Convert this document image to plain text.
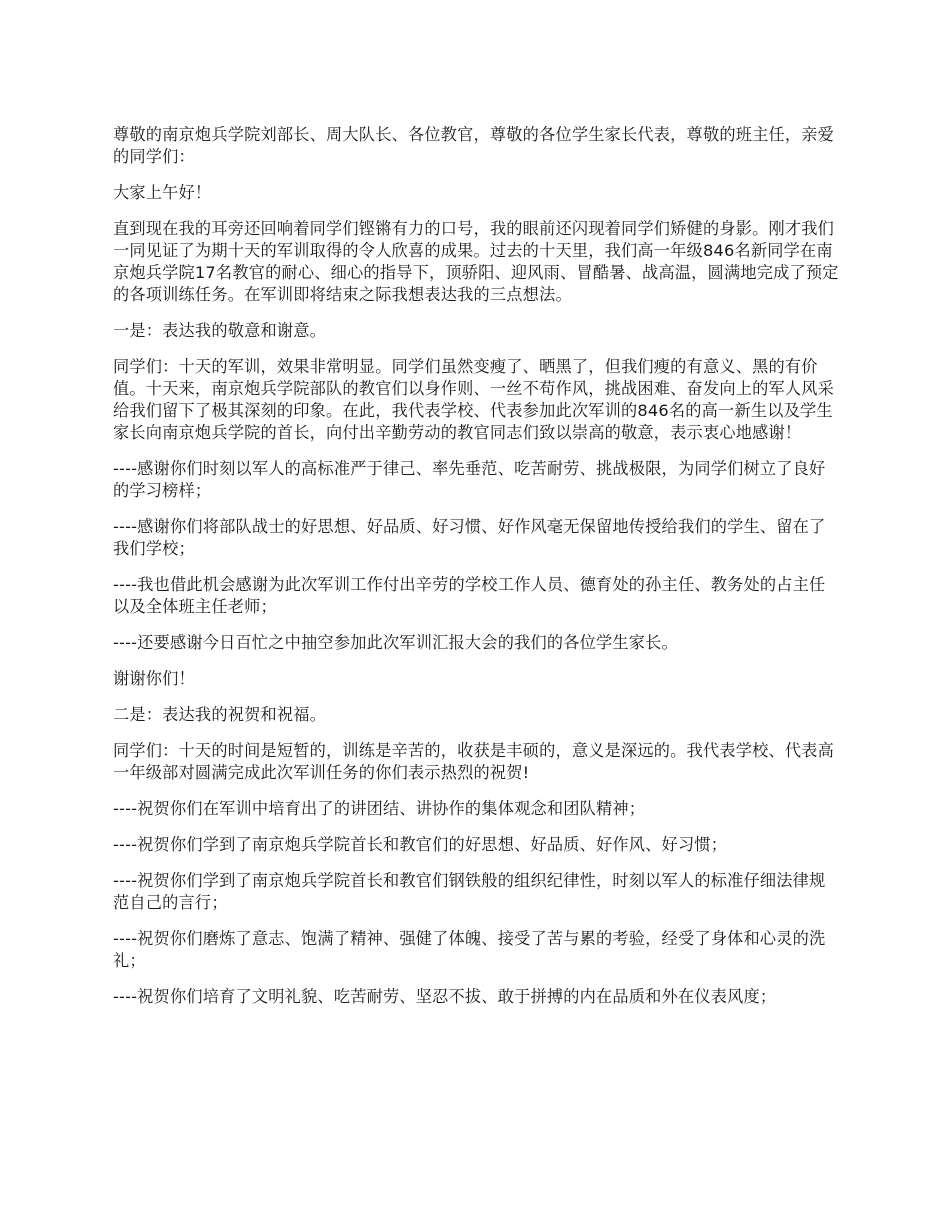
尊敬的南京炮兵学院刘部长、周大队长、各位教官，尊敬的各位学生家长代表，尊敬的班主任，亲爱的同学们：

大家上午好！

直到现在我的耳旁还回响着同学们铿锵有力的口号，我的眼前还闪现着同学们矫健的身影。刚才我们一同见证了为期十天的军训取得的令人欣喜的成果。过去的十天里，我们高一年级846名新同学在南京炮兵学院17名教官的耐心、细心的指导下，顶骄阳、迎风雨、冒酷暑、战高温，圆满地完成了预定的各项训练任务。在军训即将结束之际我想表达我的三点想法。

一是：表达我的敬意和谢意。

同学们：十天的军训，效果非常明显。同学们虽然变瘦了、晒黑了，但我们瘦的有意义、黑的有价值。十天来，南京炮兵学院部队的教官们以身作则、一丝不苟作风，挑战困难、奋发向上的军人风采给我们留下了极其深刻的印象。在此，我代表学校、代表参加此次军训的846名的高一新生以及学生家长向南京炮兵学院的首长，向付出辛勤劳动的教官同志们致以崇高的敬意，表示衷心地感谢！

----感谢你们时刻以军人的高标准严于律己、率先垂范、吃苦耐劳、挑战极限，为同学们树立了良好的学习榜样；

----感谢你们将部队战士的好思想、好品质、好习惯、好作风毫无保留地传授给我们的学生、留在了我们学校；

----我也借此机会感谢为此次军训工作付出辛劳的学校工作人员、德育处的孙主任、教务处的占主任以及全体班主任老师；

----还要感谢今日百忙之中抽空参加此次军训汇报大会的我们的各位学生家长。

谢谢你们！

二是：表达我的祝贺和祝福。

同学们：十天的时间是短暂的，训练是辛苦的，收获是丰硕的，意义是深远的。我代表学校、代表高一年级部对圆满完成此次军训任务的你们表示热烈的祝贺!

----祝贺你们在军训中培育出了的讲团结、讲协作的集体观念和团队精神；

----祝贺你们学到了南京炮兵学院首长和教官们的好思想、好品质、好作风、好习惯；

----祝贺你们学到了南京炮兵学院首长和教官们钢铁般的组织纪律性，时刻以军人的标准仔细法律规范自己的言行；

----祝贺你们磨炼了意志、饱满了精神、强健了体魄、接受了苦与累的考验，经受了身体和心灵的洗礼；

----祝贺你们培育了文明礼貌、吃苦耐劳、坚忍不拔、敢于拼搏的内在品质和外在仪表风度；
